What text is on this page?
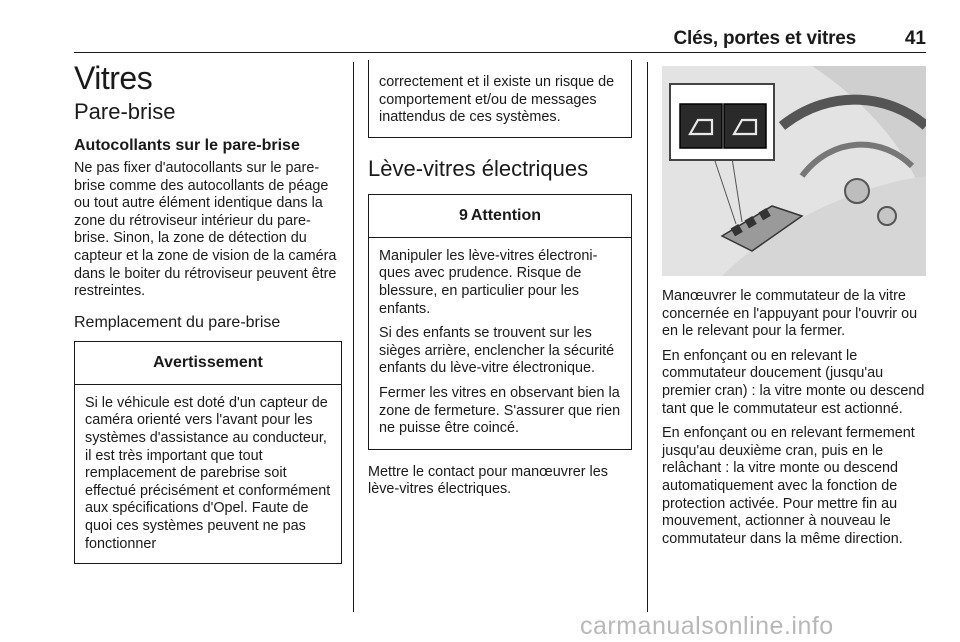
Clés, portes et vitres	41
Vitres
Pare-brise
Autocollants sur le pare-brise

Ne pas fixer d'autocollants sur le pare-brise comme des autocollants de péage ou tout autre élément identique dans la zone du rétroviseur intérieur du pare-brise. Sinon, la zone de détection du capteur et la zone de vision de la caméra dans le boiter du rétroviseur peuvent être restreintes.

Remplacement du pare-brise
Avertissement

Si le véhicule est doté d'un capteur de caméra orienté vers l'avant pour les systèmes d'assistance au conducteur, il est très important que tout remplacement de parebrise soit effectué précisément et conformément aux spécifications d'Opel. Faute de quoi ces systèmes peuvent ne pas fonctionner

correctement et il existe un risque de comportement et/ou de messages inattendus de ces systèmes.

Lève-vitres électriques
9 Attention

Manipuler les lève-vitres électroniques avec prudence. Risque de blessure, en particulier pour les enfants.

Si des enfants se trouvent sur les sièges arrière, enclencher la sécurité enfants du lève-vitre électronique.

Fermer les vitres en observant bien la zone de fermeture. S'assurer que rien ne puisse être coincé.

Mettre le contact pour manœuvrer les lève-vitres électriques.

Manœuvrer le commutateur de la vitre concernée en l'appuyant pour l'ouvrir ou en le relevant pour la fermer.

En enfonçant ou en relevant le commutateur doucement (jusqu'au premier cran) : la vitre monte ou descend tant que le commutateur est actionné.

En enfonçant ou en relevant fermement jusqu'au deuxième cran, puis en le relâchant : la vitre monte ou descend automatiquement avec la fonction de protection activée. Pour mettre fin au mouvement, actionner à nouveau le commutateur dans la même direction.

carmanualsonline.info
